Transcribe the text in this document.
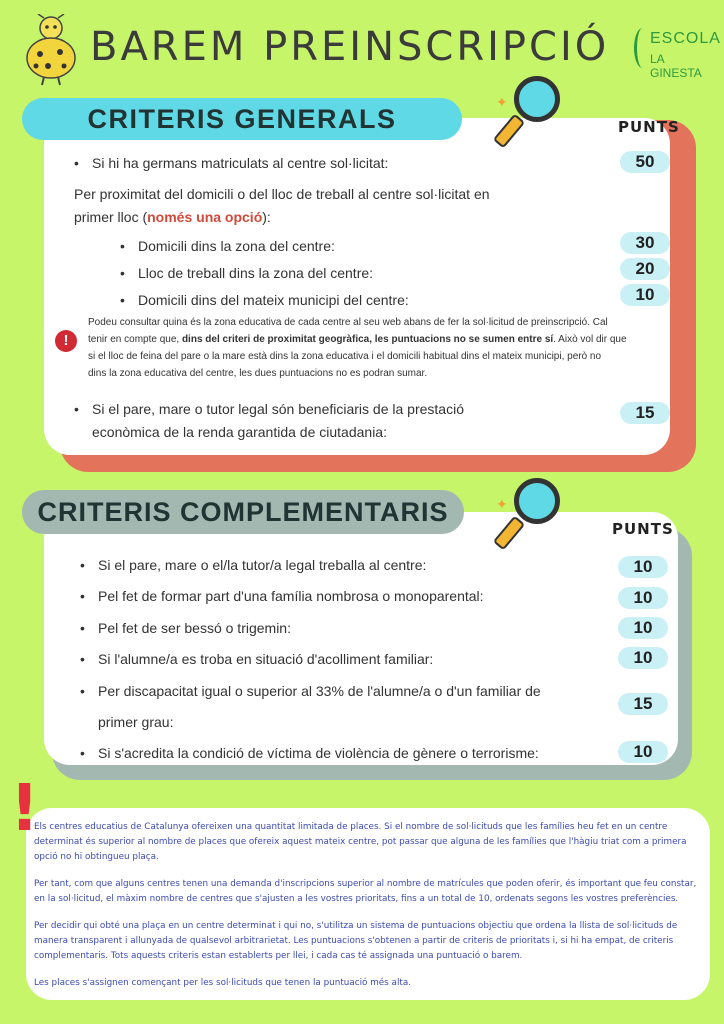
BAREM PREINSCRIPCIÓ	ESCOLA
LA GINESTA
CRITERIS GENERALS
✦
PUNTS
• Si hi ha germans matriculats al centre sol·licitat:	50
Per proximitat del domicili o del lloc de treball al centre sol·licitat en
primer lloc (només una opció):
• Domicili dins la zona del centre:	30
• Lloc de treball dins la zona del centre:	20
• Domicili dins del mateix municipi del centre:	10
!
Podeu consultar quina és la zona educativa de cada centre al seu web abans de fer la sol·licitud de preinscripció. Cal
tenir en compte que, dins del criteri de proximitat geogràfica, les puntuacions no se sumen entre sí. Això vol dir que
si el lloc de feina del pare o la mare està dins la zona educativa i el domicili habitual dins el mateix municipi, però no
dins la zona educativa del centre, les dues puntuacions no es podran sumar.
• Si el pare, mare o tutor legal són beneficiaris de la prestació
econòmica de la renda garantida de ciutadania:
15
CRITERIS COMPLEMENTARIS	✦
PUNTS
• Si el pare, mare o el/la tutor/a legal treballa al centre:	10
• Pel fet de formar part d'una família nombrosa o monoparental:	10
• Pel fet de ser bessó o trigemin:	10
• Si l'alumne/a es troba en situació d'acolliment familiar:	10
• Per discapacitat igual o superior al 33% de l'alumne/a o d'un familiar de
primer grau:
15
• Si s'acredita la condició de víctima de violència de gènere o terrorisme:	10

Els centres educatius de Catalunya ofereixen una quantitat limitada de places. Si el nombre de sol·licituds que les famílies heu fet en un centre determinat és superior al nombre de places que ofereix aquest mateix centre, pot passar que alguna de les famílies que l'hàgiu triat com a primera opció no hi obtingueu plaça.

Per tant, com que alguns centres tenen una demanda d'inscripcions superior al nombre de matrícules que poden oferir, és important que feu constar, en la sol·licitud, el màxim nombre de centres que s'ajusten a les vostres prioritats, fins a un total de 10, ordenats segons les vostres preferències.

Per decidir qui obté una plaça en un centre determinat i qui no, s'utilitza un sistema de puntuacions objectiu que ordena la llista de sol·licituds de manera transparent i allunyada de qualsevol arbitrarietat. Les puntuacions s'obtenen a partir de criteris de prioritats i, si hi ha empat, de criteris complementaris. Tots aquests criteris estan establerts per llei, i cada cas té assignada una puntuació o barem.

Les places s'assignen començant per les sol·licituds que tenen la puntuació més alta.

!
